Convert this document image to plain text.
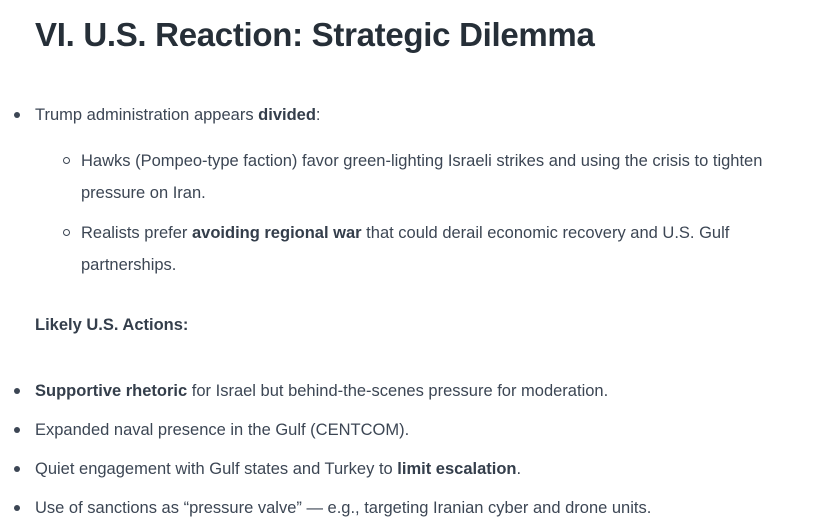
VI. U.S. Reaction: Strategic Dilemma
Trump administration appears divided:
Hawks (Pompeo-type faction) favor green-lighting Israeli strikes and using the crisis to tighten pressure on Iran.
Realists prefer avoiding regional war that could derail economic recovery and U.S. Gulf partnerships.

Likely U.S. Actions:

Supportive rhetoric for Israel but behind-the-scenes pressure for moderation.
Expanded naval presence in the Gulf (CENTCOM).
Quiet engagement with Gulf states and Turkey to limit escalation.
Use of sanctions as “pressure valve” — e.g., targeting Iranian cyber and drone units.
